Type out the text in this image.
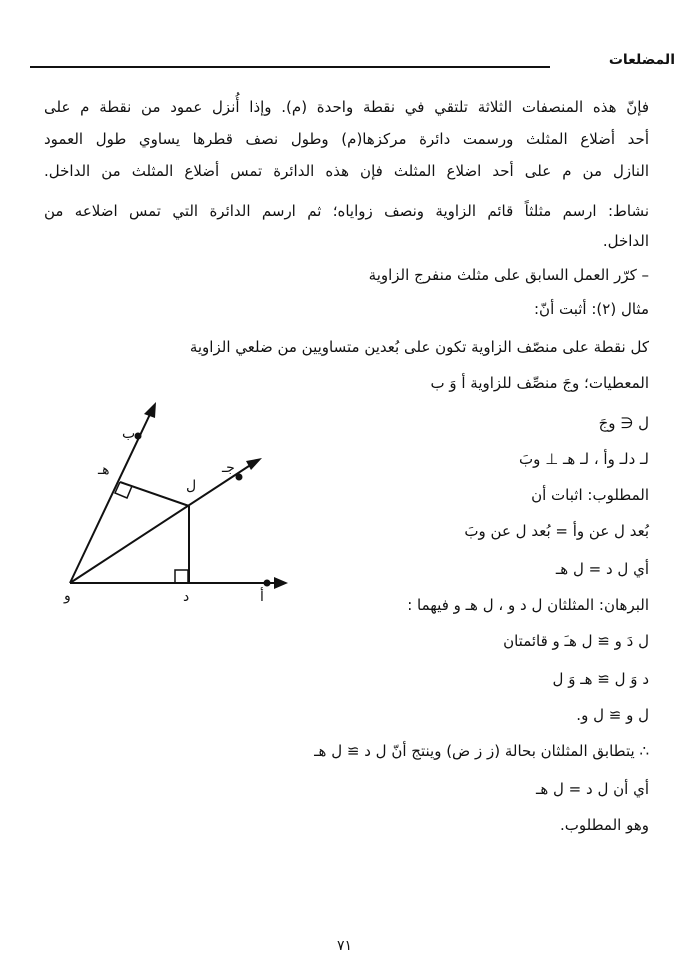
المضلعات
فإنّ هذه المنصفات الثلاثة تلتقي في نقطة واحدة (م). وإذا أُنزل عمود من نقطة م على
أحد أضلاع المثلث ورسمت دائرة مركزها(م) وطول نصف قطرها يساوي طول العمود
النازل من م على أحد اضلاع المثلث فإن هذه الدائرة تمس أضلاع المثلث من الداخل.
نشاط: ارسم مثلثاً قائم الزاوية ونصف زواياه؛ ثم ارسم الدائرة التي تمس اضلاعه من
الداخل.
– كرّر العمل السابق على مثلث منفرج الزاوية
مثال (٢): أثبت أنّ:
كل نقطة على منصّف الزاوية تكون على بُعدين متساويين من ضلعي الزاوية
المعطيات؛ وجَ منصِّف للزاوية أ وَ ب
ل ∈ وجَ
لـ دلـ وأ ، لـ هـ ⊥ وبَ
المطلوب: اثبات أن
بُعد ل عن وأ = بُعد ل عن وبَ
أي ل د = ل هـ
البرهان: المثلثان ل د و ، ل هـ و فيهما :
ل دَ و ≅ ل هـَ و قائمتان
د وَ ل ≅ هـ وَ ل
ل و ≅ ل و.
∴ يتطابق المثلثان بحالة (ز ز ض) وينتج أنّ ل د ≅ ل هـ
أي أن ل د = ل هـ
وهو المطلوب.
ب
هـ	جـ
ل
و	د	أ
٧١
